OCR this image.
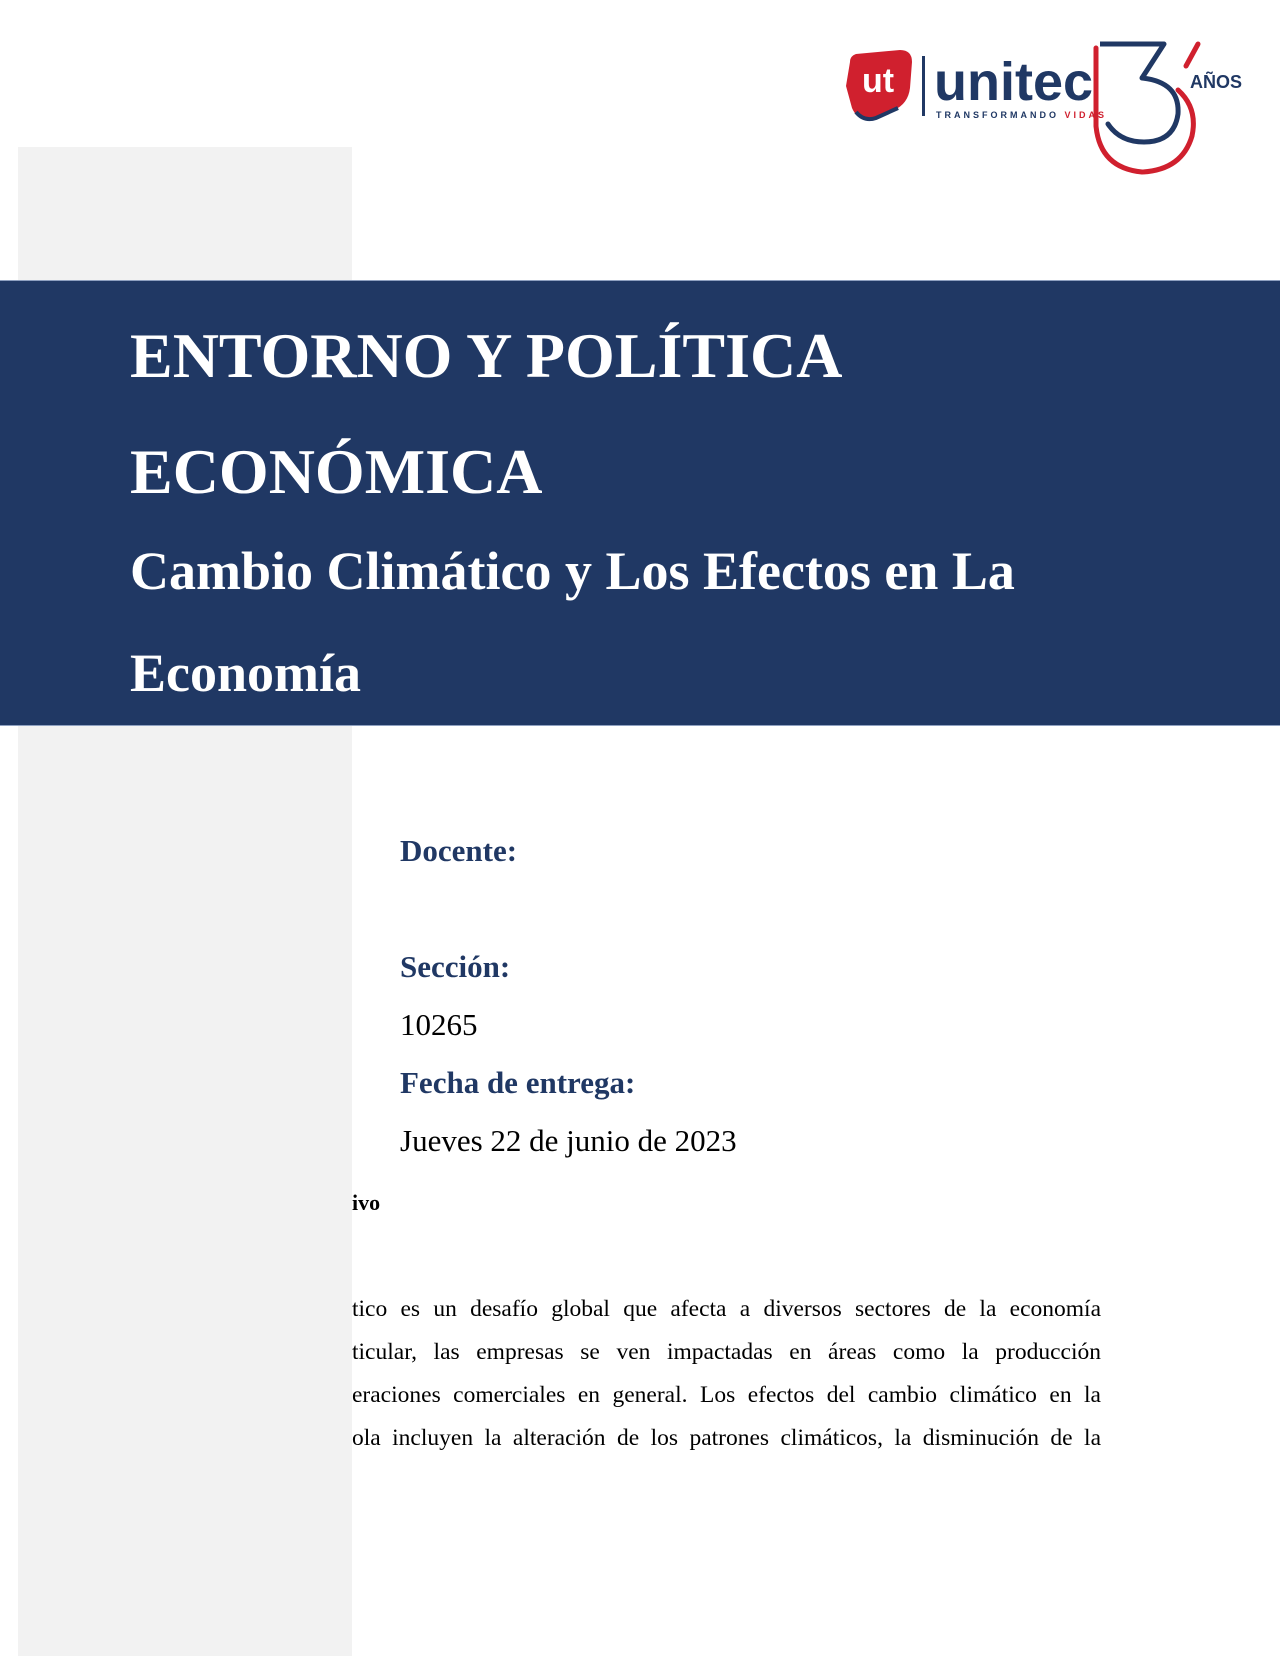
ut unitec
TRANSFORMANDO VIDAS
AÑOS
ENTORNO Y POLÍTICA
ECONÓMICA
Cambio Climático y Los Efectos en La
Economía

Docente:

Sección:

10265

Fecha de entrega:

Jueves 22 de junio de 2023

ivo

tico es un desafío global que afecta a diversos sectores de la economía
ticular, las empresas se ven impactadas en áreas como la producción
eraciones comerciales en general. Los efectos del cambio climático en la
ola incluyen la alteración de los patrones climáticos, la disminución de la
